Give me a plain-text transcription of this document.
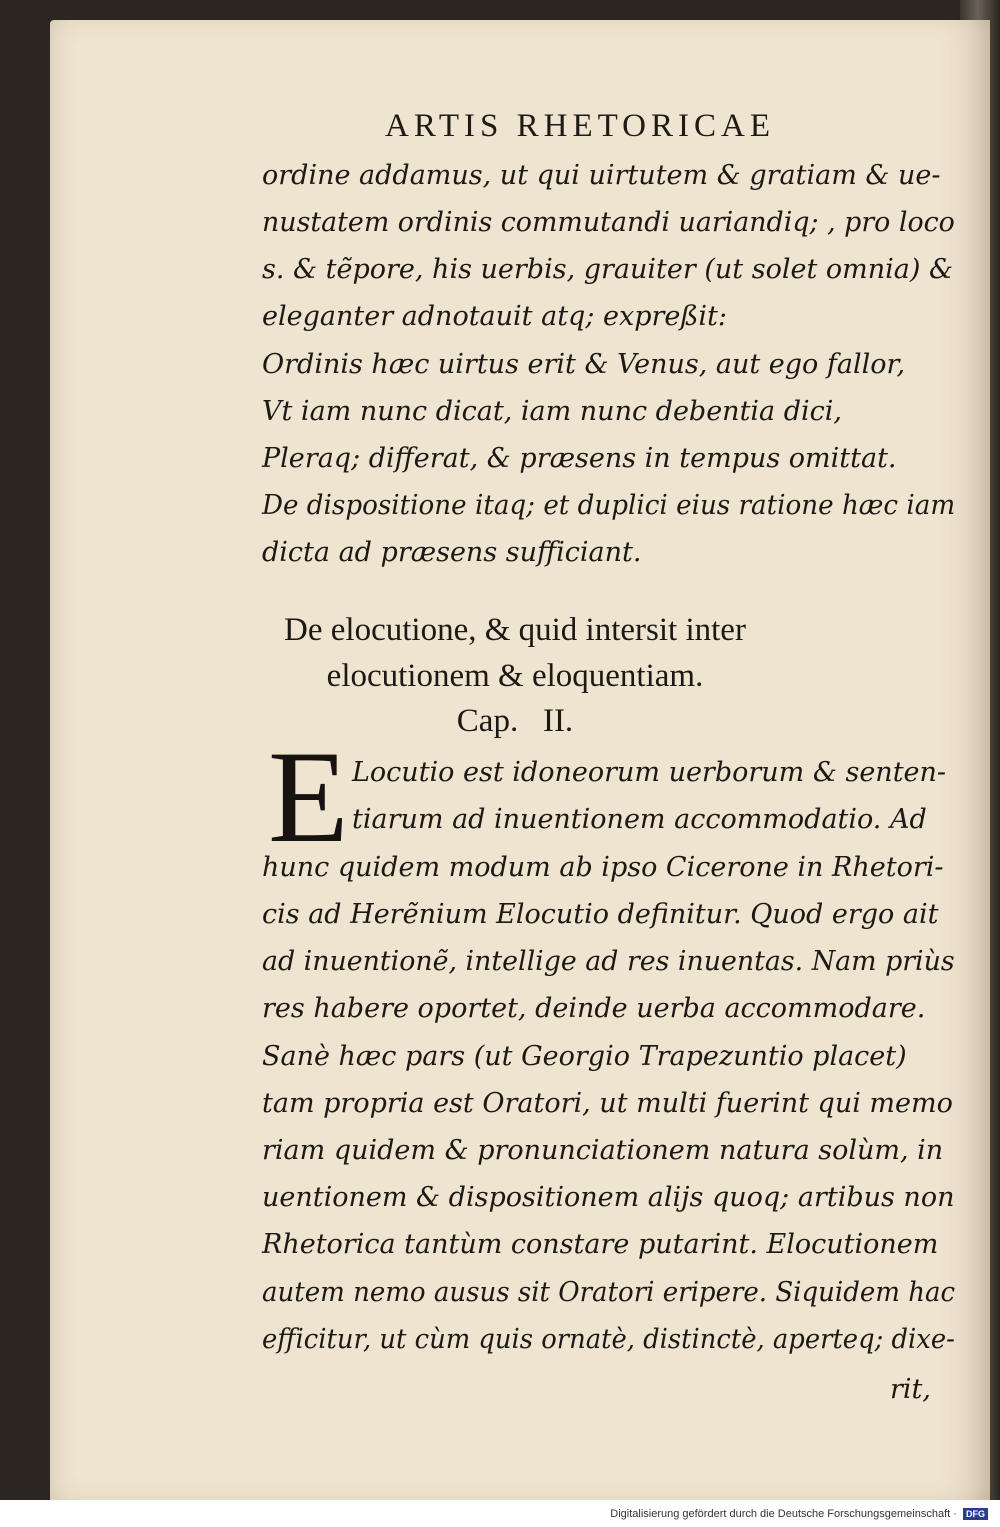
ARTIS RHETORICAE
ordine addamus, ut qui uirtutem & gratiam & ue-
nustatem ordinis commutandi uariandiq; , pro loco
s. & tẽpore, his uerbis, grauiter (ut solet omnia) &
eleganter adnotauit atq; expreßit:
Ordinis hæc uirtus erit & Venus, aut ego fallor,
Vt iam nunc dicat, iam nunc debentia dici,
Pleraq; differat, & præsens in tempus omittat.
De dispositione itaq; et duplici eius ratione hæc iam
dicta ad præsens sufficiant.
De elocutione, & quid intersit inter
elocutionem & eloquentiam.
Cap.   II.
E Locutio est idoneorum uerborum & senten-
tiarum ad inuentionem accommodatio. Ad
hunc quidem modum ab ipso Cicerone in Rhetori-
cis ad Herẽnium Elocutio definitur. Quod ergo ait
ad inuentionẽ, intellige ad res inuentas. Nam priùs
res habere oportet, deinde uerba accommodare.
Sanè hæc pars (ut Georgio Trapezuntio placet)
tam propria est Oratori, ut multi fuerint qui memo
riam quidem & pronunciationem natura solùm, in
uentionem & dispositionem alijs quoq; artibus non
Rhetorica tantùm constare putarint. Elocutionem
autem nemo ausus sit Oratori eripere. Siquidem hac
efficitur, ut cùm quis ornatè, distinctè, aperteq; dixe-
rit,
Digitalisierung gefördert durch die Deutsche Forschungsgemeinschaft · DFG
